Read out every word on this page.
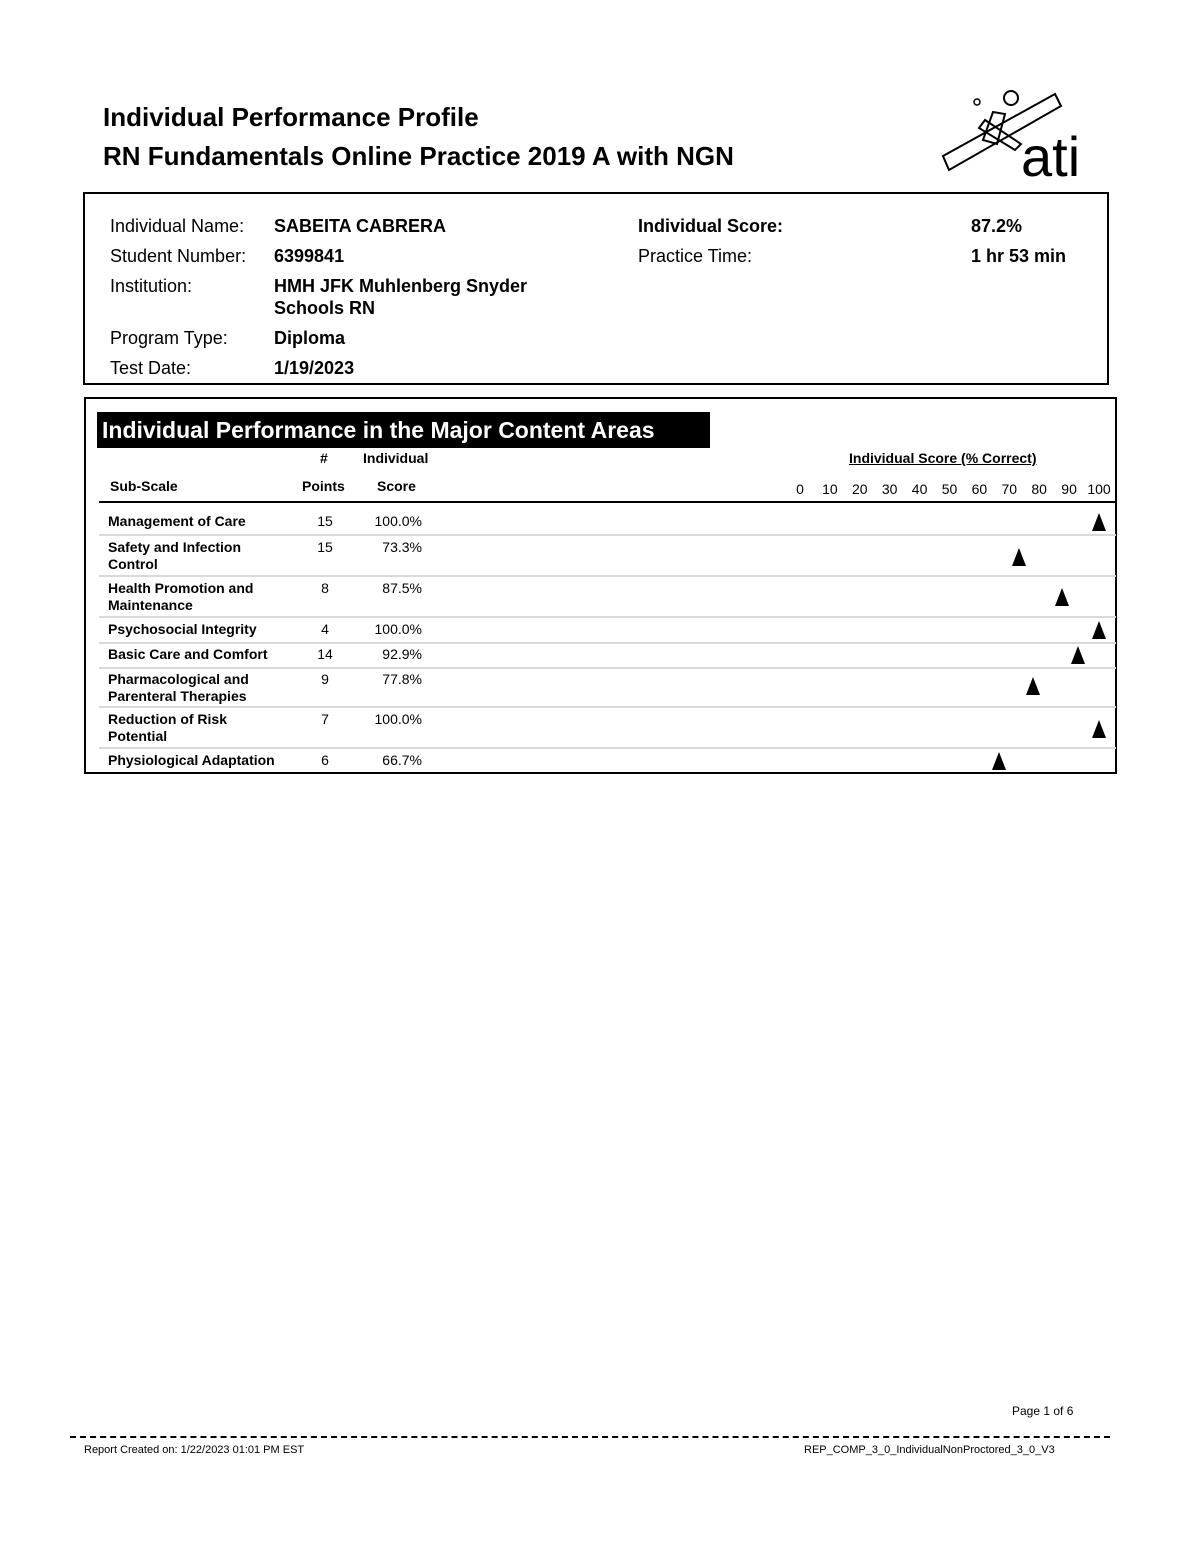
Individual Performance Profile
RN Fundamentals Online Practice 2019 A with NGN	ati
Individual Name: SABEITA CABRERA
Student Number: 6399841
Institution:	HMH JFK Muhlenberg Snyder
Schools RN
Program Type:	Diploma
Test Date:	1/19/2023
Individual Score:	87.2%
Practice Time:	1 hr 53 min
Individual Performance in the Major Content Areas
#	Individual
Sub-Scale	Points Score
Individual Score (% Correct)
0	10	20	30	40	50	60	70	80	90 100
Management of Care	15	100.0%
Safety and Infection
Control
15	73.3%
Health Promotion and
Maintenance
8	87.5%
Psychosocial Integrity	4	100.0%
Basic Care and Comfort	14	92.9%
Pharmacological and
Parenteral Therapies
9	77.8%
Reduction of Risk
Potential
7	100.0%
Physiological Adaptation	6	66.7%
Page 1 of 6
Report Created on: 1/22/2023 01:01 PM EST	REP_COMP_3_0_IndividualNonProctored_3_0_V3
